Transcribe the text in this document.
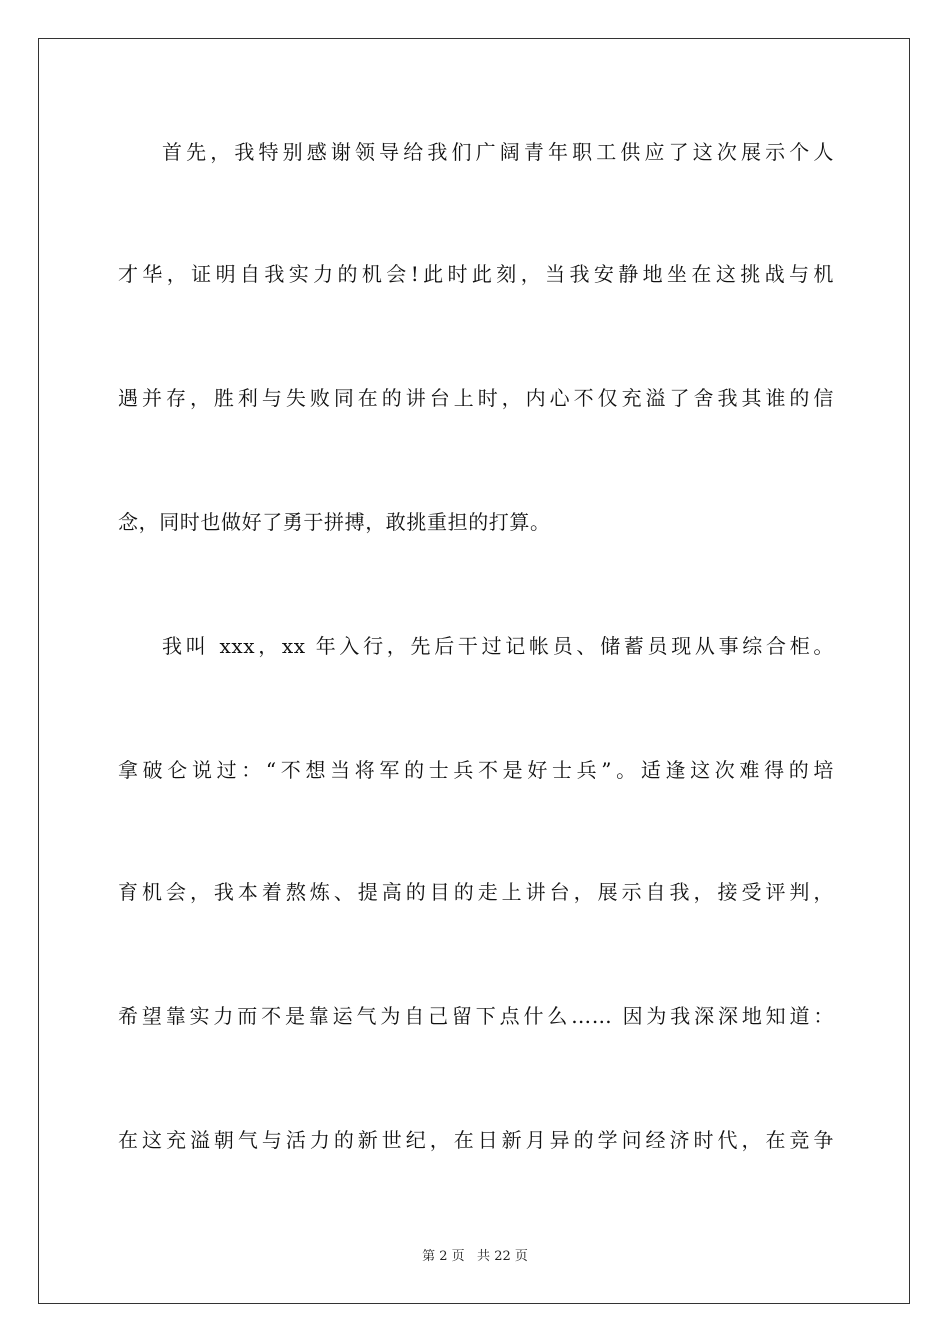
首先，我特别感谢领导给我们广阔青年职工供应了这次展示个人
才华，证明自我实力的机会!此时此刻，当我安静地坐在这挑战与机
遇并存，胜利与失败同在的讲台上时，内心不仅充溢了舍我其谁的信
念，同时也做好了勇于拼搏，敢挑重担的打算。
我叫 xxx，xx 年入行，先后干过记帐员、储蓄员现从事综合柜。
拿破仑说过：“不想当将军的士兵不是好士兵”。适逢这次难得的培
育机会，我本着熬炼、提高的目的走上讲台，展示自我，接受评判，
希望靠实力而不是靠运气为自己留下点什么…… 因为我深深地知道：
在这充溢朝气与活力的新世纪，在日新月异的学问经济时代，在竞争
第 2 页   共 22 页
